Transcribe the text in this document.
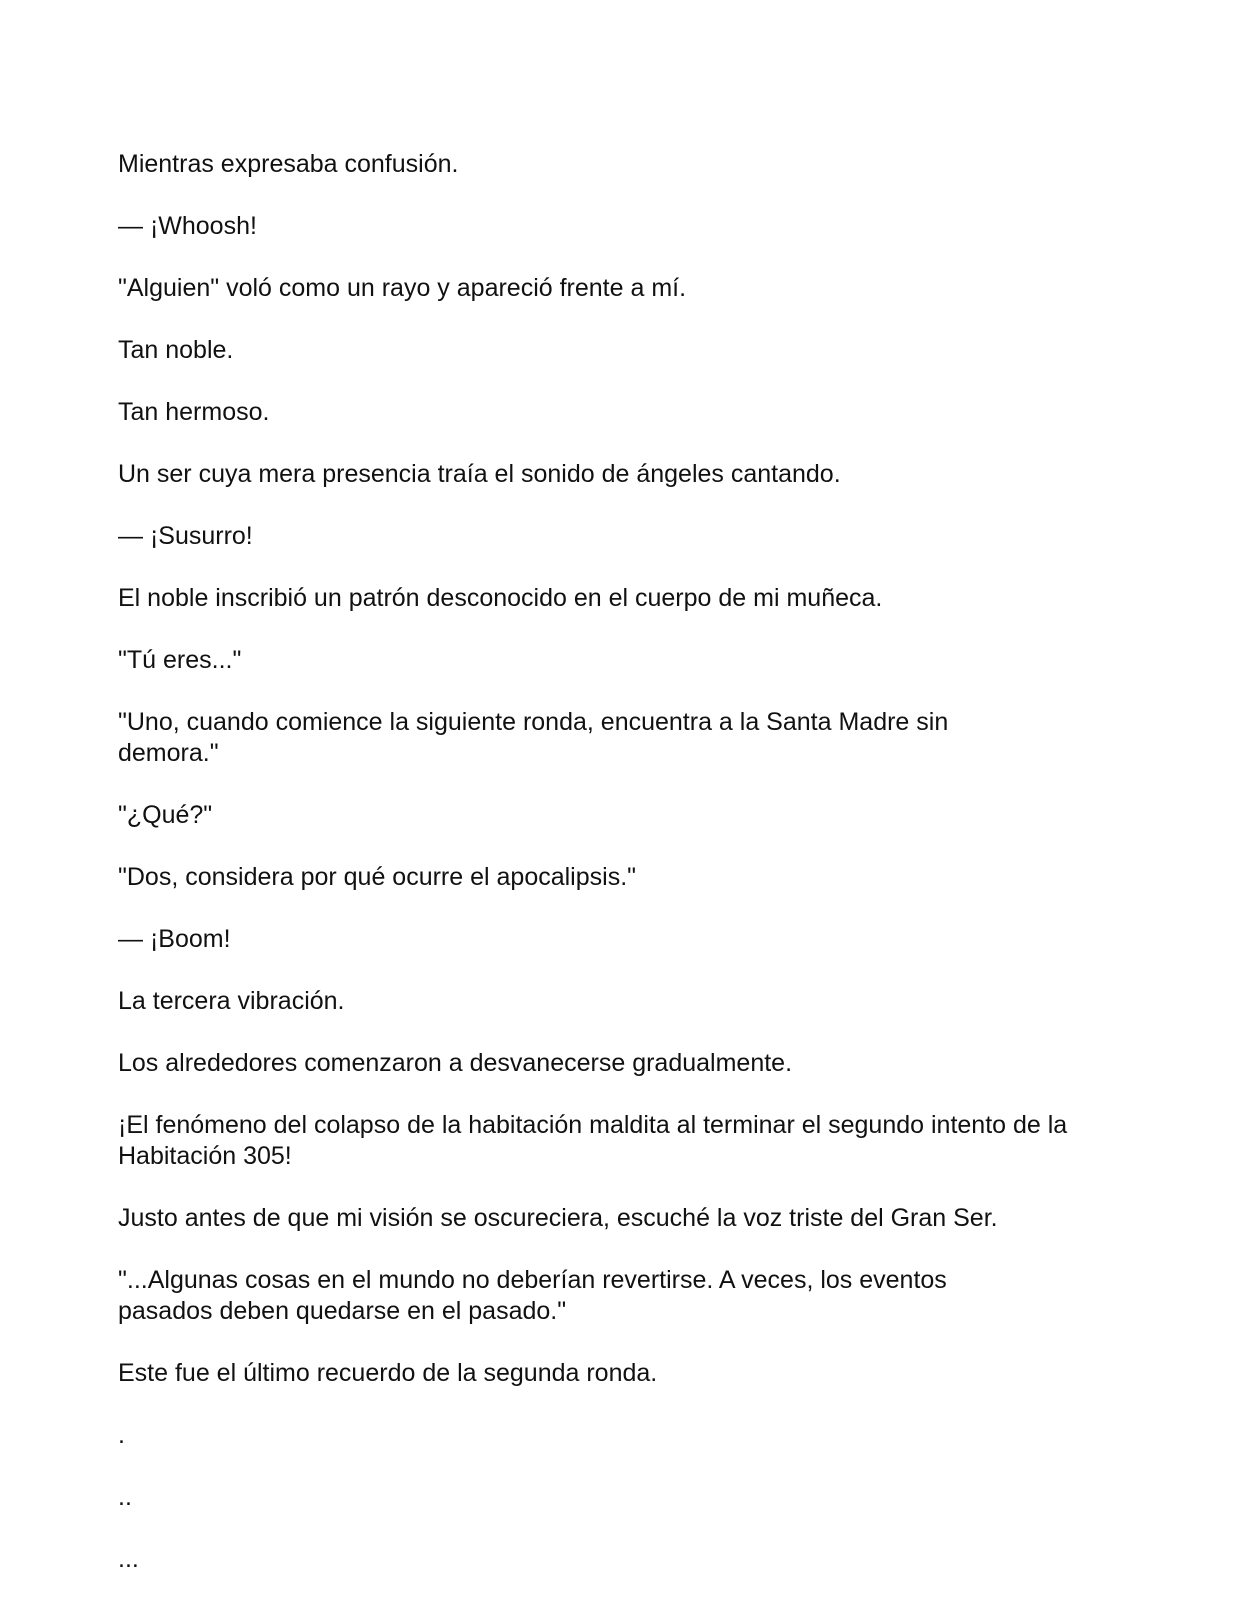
Mientras expresaba confusión.

— ¡Whoosh!

"Alguien" voló como un rayo y apareció frente a mí.

Tan noble.

Tan hermoso.

Un ser cuya mera presencia traía el sonido de ángeles cantando.

— ¡Susurro!

El noble inscribió un patrón desconocido en el cuerpo de mi muñeca.

"Tú eres..."

"Uno, cuando comience la siguiente ronda, encuentra a la Santa Madre sin demora."

"¿Qué?"

"Dos, considera por qué ocurre el apocalipsis."

— ¡Boom!

La tercera vibración.

Los alrededores comenzaron a desvanecerse gradualmente.

¡El fenómeno del colapso de la habitación maldita al terminar el segundo intento de la Habitación 305!

Justo antes de que mi visión se oscureciera, escuché la voz triste del Gran Ser.

"...Algunas cosas en el mundo no deberían revertirse. A veces, los eventos pasados deben quedarse en el pasado."

Este fue el último recuerdo de la segunda ronda.

.

..

...
